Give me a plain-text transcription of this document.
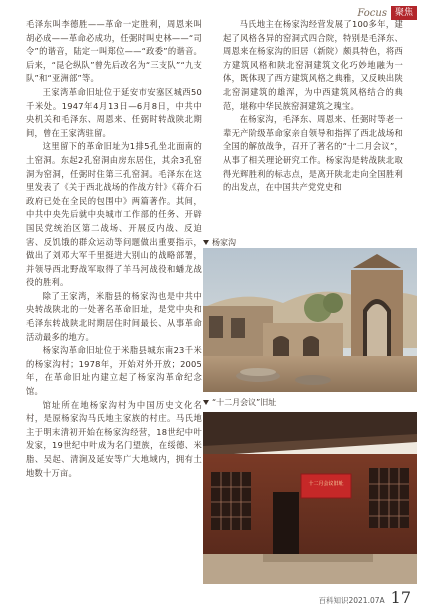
Focus 聚焦

毛泽东叫李德胜——革命一定胜利，周恩来叫胡必成——革命必成功，任弼时叫史林——“司令”的谐音，陆定一叫郑位——“政委”的谐音。后来，“昆仑纵队”曾先后改名为“三支队”“九支队”和“亚洲部”等。

王家湾革命旧址位于延安市安塞区城西50千米处。1947年4月13日—6月8日，中共中央机关和毛泽东、周恩来、任弼时转战陕北期间，曾在王家湾驻留。

这里留下的革命旧址为1排5孔坐北面南的土窑洞。东起2孔窑洞由房东居住，其余3孔窑洞为窑洞，任弼时住第三孔窑洞。毛泽东在这里发表了《关于西北战场的作战方针》《蒋介石政府已处在全民的包围中》两篇著作。其间，中共中央先后就中央城市工作部的任务、开辟国民党统治区第二战场、开展反内战、反迫害、反饥饿的群众运动等问题做出重要指示，做出了刘邓大军千里挺进大别山的战略部署，并领导西北野战军取得了羊马河战役和蟠龙战役的胜利。

除了王家湾，米脂县的杨家沟也是中共中央转战陕北的一处著名革命旧址，是党中央和毛泽东转战陕北时期居住时间最长、从事革命活动最多的地方。

杨家沟革命旧址位于米脂县城东南23千米的杨家沟村；1978年，开始对外开放；2005年，在革命旧址内建立起了杨家沟革命纪念馆。

馆址所在地杨家沟村为中国历史文化名村，是原杨家沟马氏地主家族的村庄。马氏地主于明末清初开始在杨家沟经营，18世纪中叶发家，19世纪中叶成为名门望族，在绥德、米脂、吴起、清涧及延安等广大地域内，拥有土地数十万亩。

马氏地主在杨家沟经营发展了100多年，建起了风格各异的窑洞式四合院，特别是毛泽东、周恩来在杨家沟的旧居（新院）颇具特色，将西方建筑风格和陕北窑洞建筑文化巧妙地融为一体，既体现了西方建筑风格之典雅，又反映出陕北窑洞建筑的雄浑，为中西建筑风格结合的典范，堪称中华民族窑洞建筑之瑰宝。

在杨家沟，毛泽东、周恩来、任弼时等老一辈无产阶级革命家亲自领导和指挥了西北战场和全国的解放战争，召开了著名的“十二月会议”，从事了相关理论研究工作。杨家沟是转战陕北取得光辉胜利的标志点，是离开陕北走向全国胜利的出发点，在中国共产党党史和

杨家沟
“十二月会议”旧址
十二月会议旧址
百科知识2021.07A 17
